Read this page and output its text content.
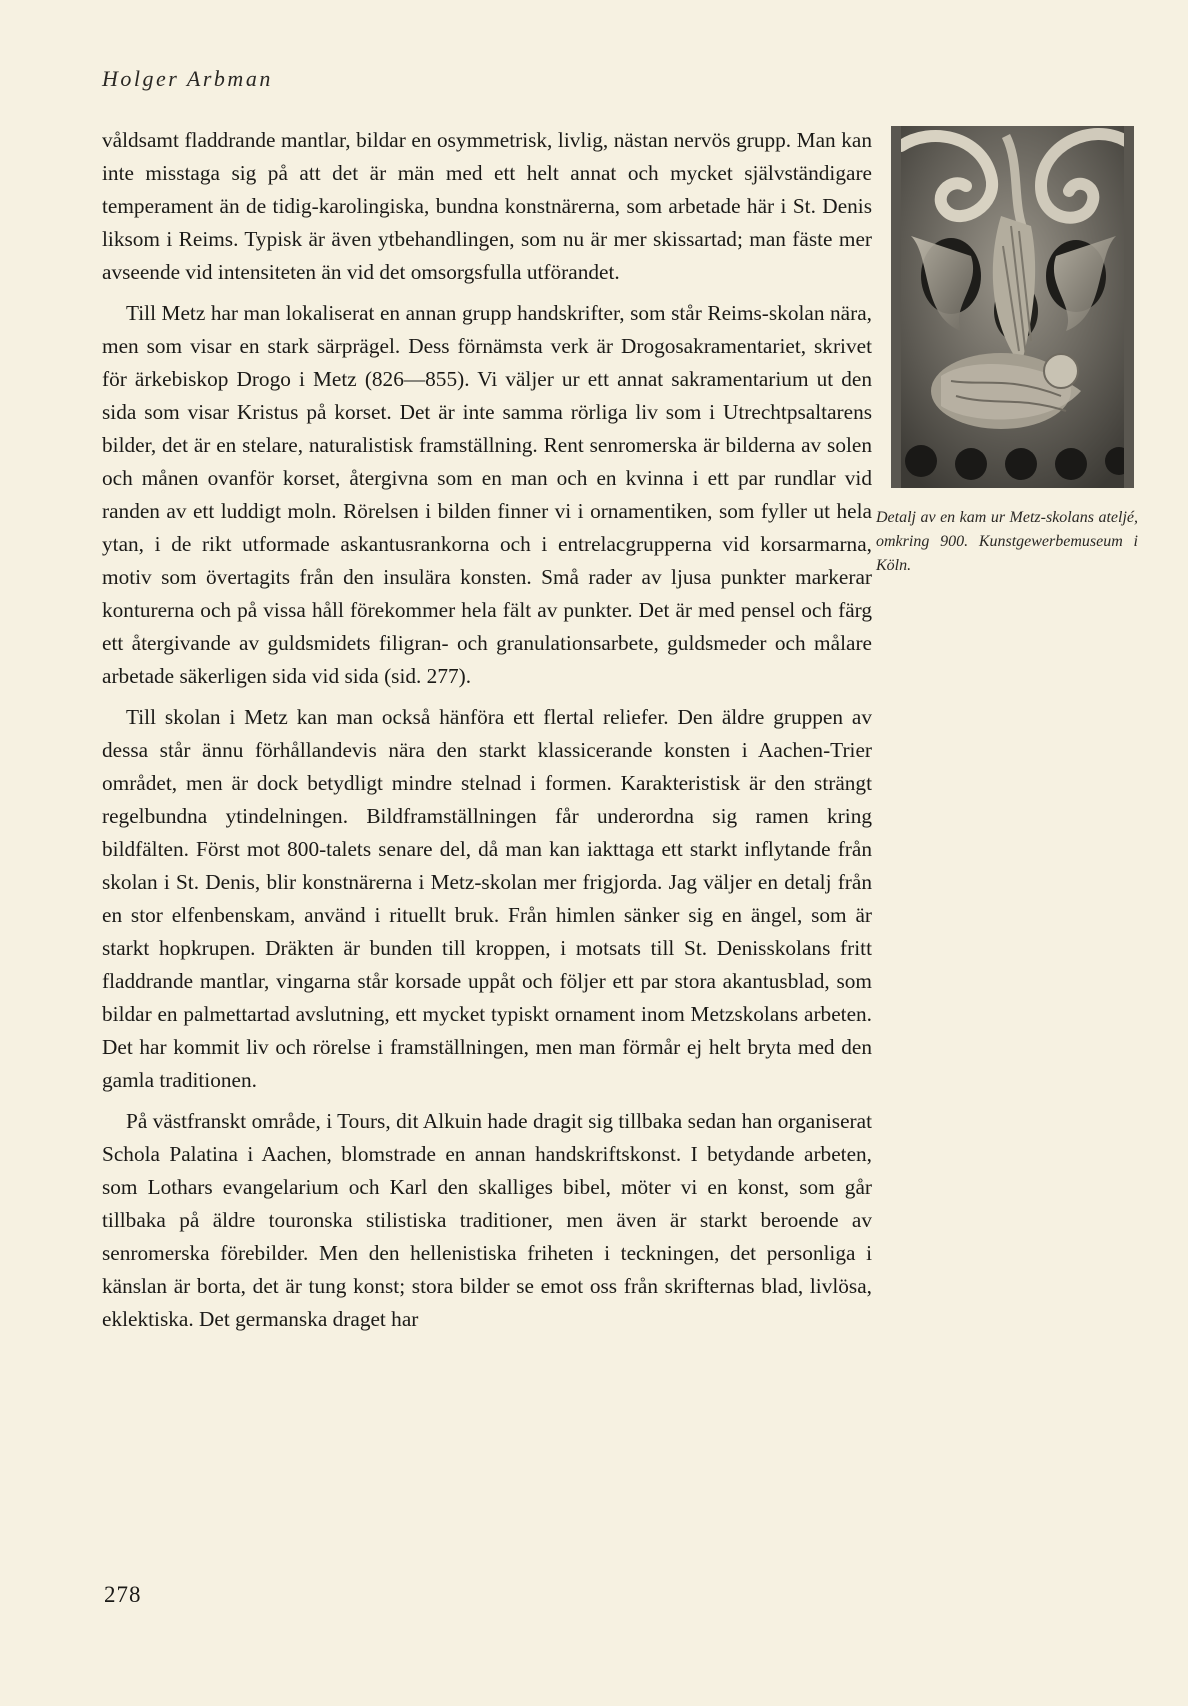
Holger Arbman

våldsamt fladdrande mantlar, bildar en osymmetrisk, livlig, nästan nervös grupp. Man kan inte misstaga sig på att det är män med ett helt annat och mycket självständigare temperament än de tidig-karolingiska, bundna konstnärerna, som arbetade här i St. Denis liksom i Reims. Typisk är även ytbehandlingen, som nu är mer skissartad; man fäste mer avseende vid intensiteten än vid det omsorgsfulla utförandet.

Till Metz har man lokaliserat en annan grupp handskrifter, som står Reims-skolan nära, men som visar en stark särprägel. Dess förnämsta verk är Drogosakramentariet, skrivet för ärkebiskop Drogo i Metz (826—855). Vi väljer ur ett annat sakramentarium ut den sida som visar Kristus på korset. Det är inte samma rörliga liv som i Utrechtpsaltarens bilder, det är en stelare, naturalistisk framställning. Rent senromerska är bilderna av solen och månen ovanför korset, återgivna som en man och en kvinna i ett par rundlar vid randen av ett luddigt moln. Rörelsen i bilden finner vi i ornamentiken, som fyller ut hela ytan, i de rikt utformade askantusrankorna och i entrelacgrupperna vid korsarmarna, motiv som övertagits från den insulära konsten. Små rader av ljusa punkter markerar konturerna och på vissa håll förekommer hela fält av punkter. Det är med pensel och färg ett återgivande av guldsmidets filigran- och granulationsarbete, guldsmeder och målare arbetade säkerligen sida vid sida (sid. 277).

Till skolan i Metz kan man också hänföra ett flertal reliefer. Den äldre gruppen av dessa står ännu förhållandevis nära den starkt klassicerande konsten i Aachen-Trier området, men är dock betydligt mindre stelnad i formen. Karakteristisk är den strängt regelbundna ytindelningen. Bildframställningen får underordna sig ramen kring bildfälten. Först mot 800-talets senare del, då man kan iakttaga ett starkt inflytande från skolan i St. Denis, blir konstnärerna i Metz-skolan mer frigjorda. Jag väljer en detalj från en stor elfenbenskam, använd i rituellt bruk. Från himlen sänker sig en ängel, som är starkt hopkrupen. Dräkten är bunden till kroppen, i motsats till St. Denisskolans fritt fladdrande mantlar, vingarna står korsade uppåt och följer ett par stora akantusblad, som bildar en palmettartad avslutning, ett mycket typiskt ornament inom Metzskolans arbeten. Det har kommit liv och rörelse i framställningen, men man förmår ej helt bryta med den gamla traditionen.

På västfranskt område, i Tours, dit Alkuin hade dragit sig tillbaka sedan han organiserat Schola Palatina i Aachen, blomstrade en annan handskriftskonst. I betydande arbeten, som Lothars evangelarium och Karl den skalliges bibel, möter vi en konst, som går tillbaka på äldre touronska stilistiska traditioner, men även är starkt beroende av senromerska förebilder. Men den hellenistiska friheten i teckningen, det personliga i känslan är borta, det är tung konst; stora bilder se emot oss från skrifternas blad, livlösa, eklektiska. Det germanska draget har

Detalj av en kam ur Metz-skolans ateljé, omkring 900. Kunstgewerbemuseum i Köln.
278
